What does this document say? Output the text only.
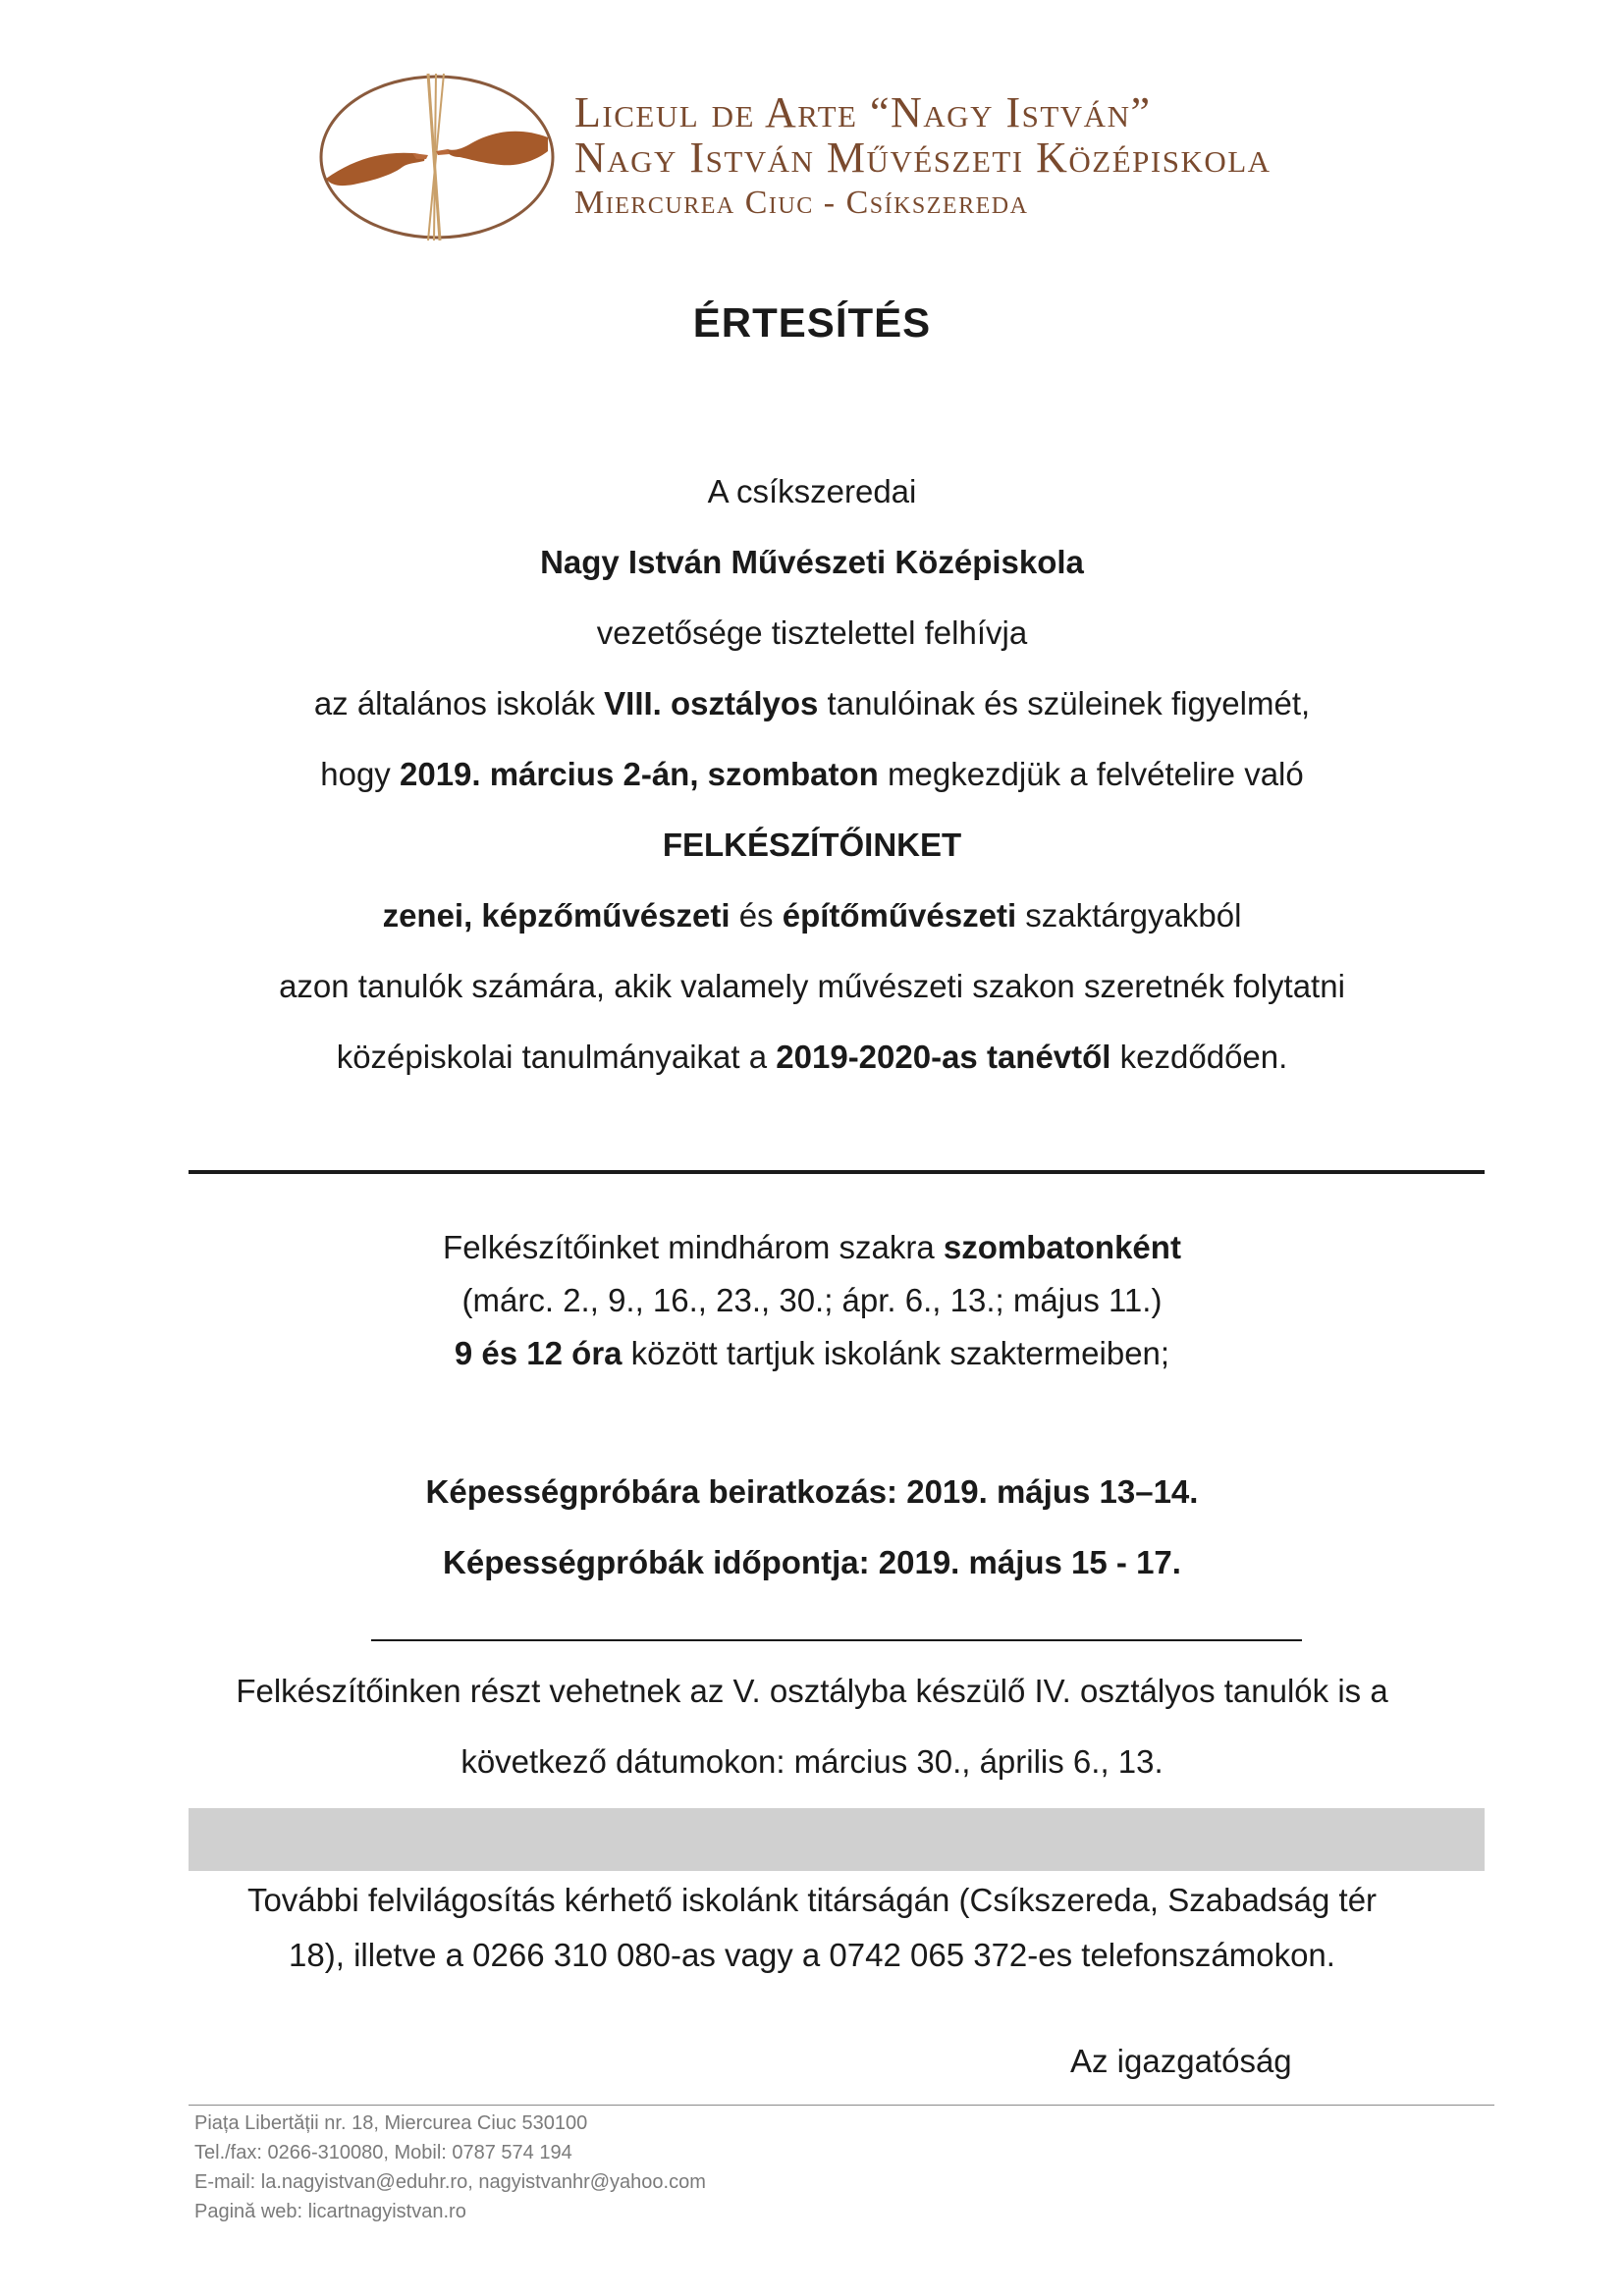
Liceul de Arte “Nagy István”
Nagy István Művészeti Középiskola
Miercurea Ciuc - Csíkszereda
ÉRTESÍTÉS
A csíkszeredai
Nagy István Művészeti Középiskola
vezetősége tisztelettel felhívja
az általános iskolák VIII. osztályos tanulóinak és szüleinek figyelmét,
hogy 2019. március 2-án, szombaton megkezdjük a felvételire való
FELKÉSZÍTŐINKET
zenei, képzőművészeti és építőművészeti szaktárgyakból
azon tanulók számára, akik valamely művészeti szakon szeretnék folytatni
középiskolai tanulmányaikat a 2019-2020-as tanévtől kezdődően.
Felkészítőinket mindhárom szakra szombatonként
(márc. 2., 9., 16., 23., 30.; ápr. 6., 13.; május 11.)
9 és 12 óra között tartjuk iskolánk szaktermeiben;
Képességpróbára beiratkozás: 2019. május 13–14.
Képességpróbák időpontja: 2019. május 15 - 17.
Felkészítőinken részt vehetnek az V. osztályba készülő IV. osztályos tanulók is a
következő dátumokon: március 30., április 6., 13.
További felvilágosítás kérhető iskolánk titárságán (Csíkszereda, Szabadság tér
18), illetve a 0266 310 080-as vagy a 0742 065 372-es telefonszámokon.
Az igazgatóság
Piața Libertății nr. 18, Miercurea Ciuc 530100
Tel./fax: 0266-310080, Mobil: 0787 574 194
E-mail: la.nagyistvan@eduhr.ro, nagyistvanhr@yahoo.com
Pagină web: licartnagyistvan.ro
